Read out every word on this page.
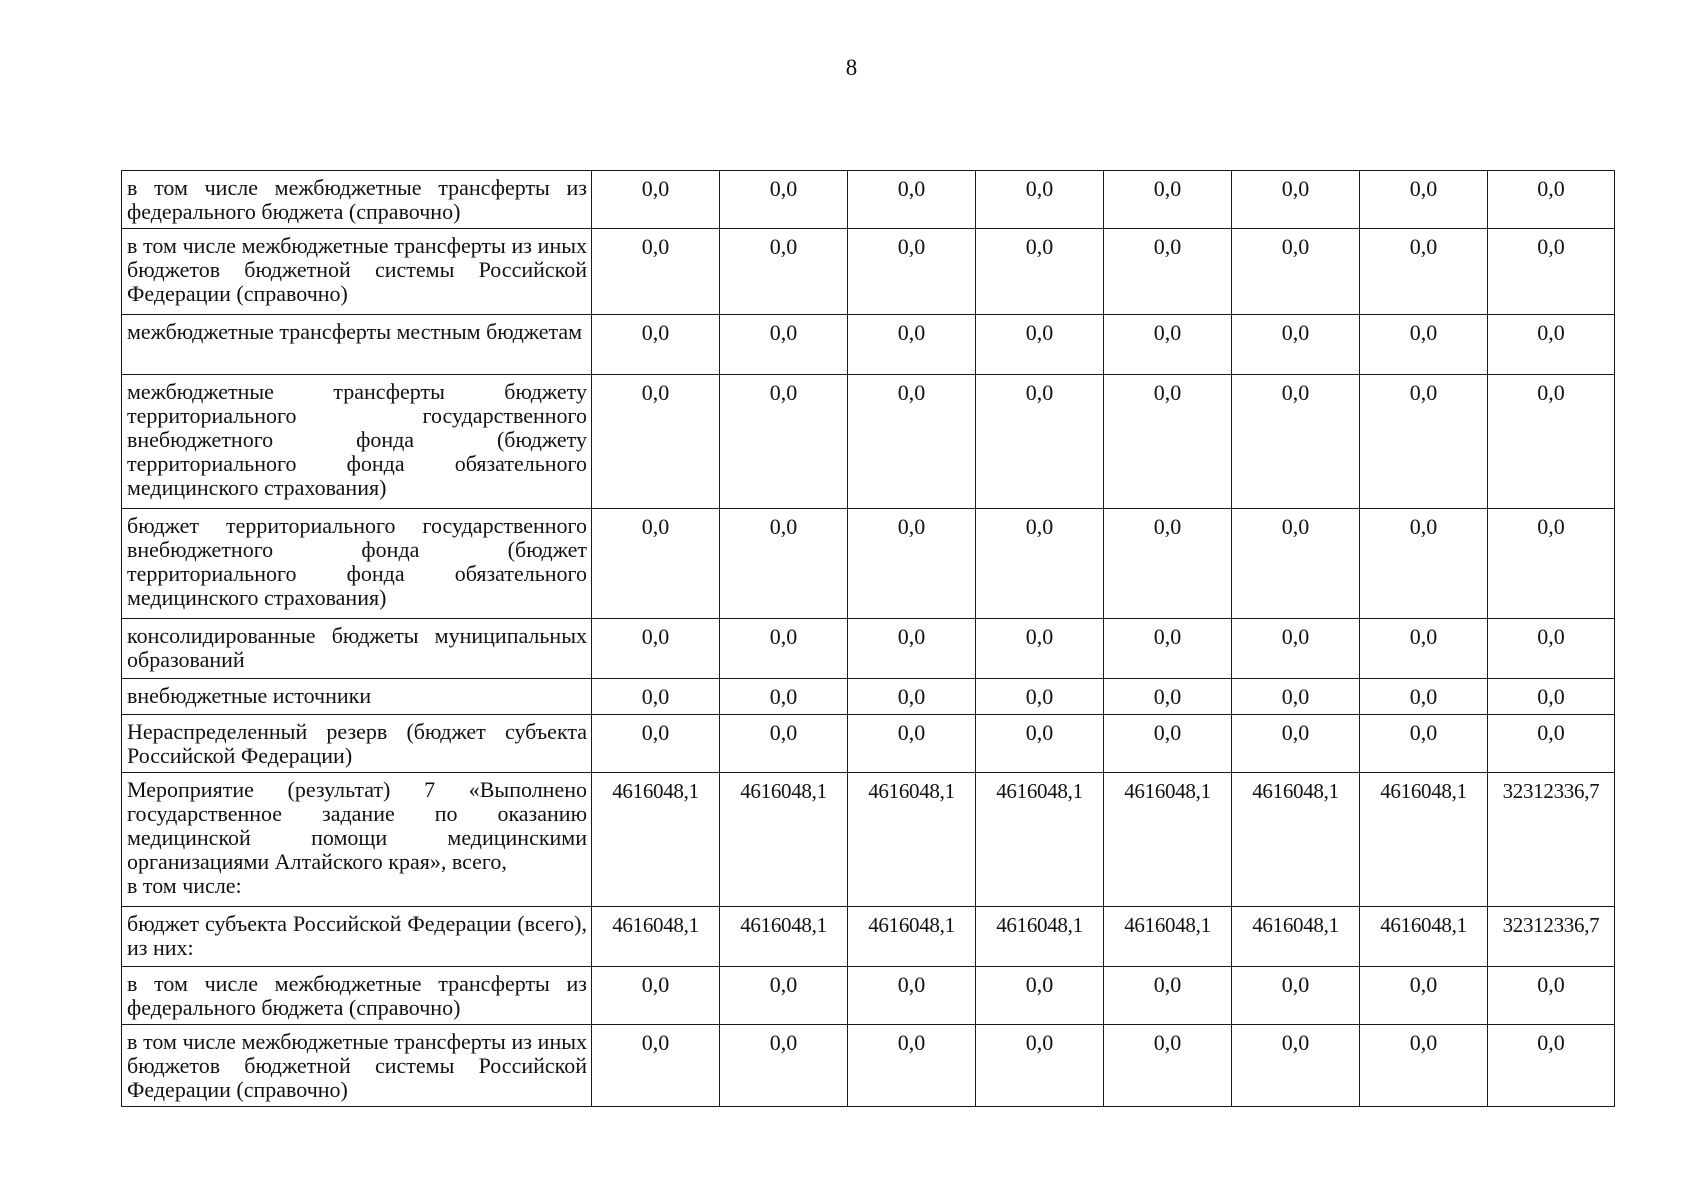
8
в том числе межбюджетные трансферты из федерального бюджета (справочно)	0,0	0,0	0,0	0,0	0,0	0,0	0,0	0,0
в том числе межбюджетные трансферты из иных бюджетов бюджетной системы Российской Федерации (справочно)	0,0	0,0	0,0	0,0	0,0	0,0	0,0	0,0
межбюджетные трансферты местным бюджетам	0,0	0,0	0,0	0,0	0,0	0,0	0,0	0,0
межбюджетные трансферты бюджету территориального государственного внебюджетного фонда (бюджету территориального фонда обязательного медицинского страхования)	0,0	0,0	0,0	0,0	0,0	0,0	0,0	0,0
бюджет территориального государственного внебюджетного фонда (бюджет территориального фонда обязательного медицинского страхования)	0,0	0,0	0,0	0,0	0,0	0,0	0,0	0,0
консолидированные бюджеты муниципальных образований	0,0	0,0	0,0	0,0	0,0	0,0	0,0	0,0
внебюджетные источники	0,0	0,0	0,0	0,0	0,0	0,0	0,0	0,0
Нераспределенный резерв (бюджет субъекта Российской Федерации)	0,0	0,0	0,0	0,0	0,0	0,0	0,0	0,0

Мероприятие (результат) 7 «Выполнено государственное задание по оказанию медицинской помощи медицинскими организациями Алтайского края», всего,
в том числе:	4616048,1	4616048,1	4616048,1	4616048,1	4616048,1	4616048,1	4616048,1	32312336,7
бюджет субъекта Российской Федерации (всего), из них:	4616048,1	4616048,1	4616048,1	4616048,1	4616048,1	4616048,1	4616048,1	32312336,7
в том числе межбюджетные трансферты из федерального бюджета (справочно)	0,0	0,0	0,0	0,0	0,0	0,0	0,0	0,0
в том числе межбюджетные трансферты из иных бюджетов бюджетной системы Российской Федерации (справочно)	0,0	0,0	0,0	0,0	0,0	0,0	0,0	0,0
